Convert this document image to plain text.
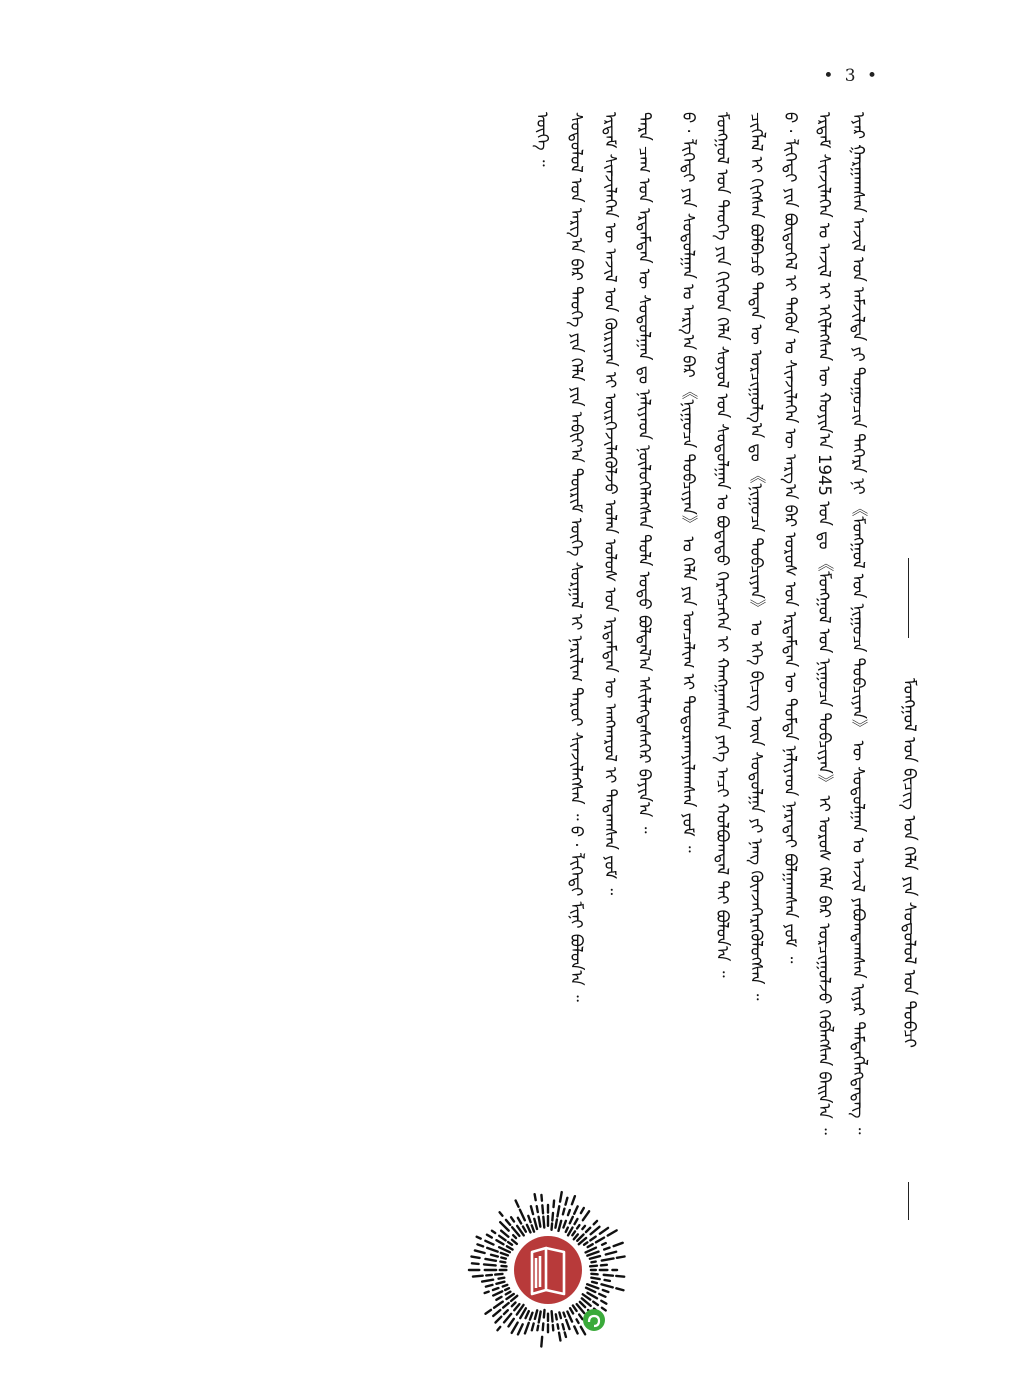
• 3 •
ᠮᠣᠩᠭᠣᠯ ᠤᠨ ᠪᠢᠴᠢᠭ ᠤᠨ ᠬᠡᠯᠡ ᠶᠢᠨ ᠰᠤᠳᠤᠯᠤᠯ ᠤᠨ ᠲᠣᠪᠴᠢ
ᠡᠶᠡᠷ ᠭᠠᠷᠭᠠᠭᠰᠠᠨ ᠠᠵᠢᠯ ᠤᠨ ᠠᠮᠵᠢᠯᠲᠠ ᠶᠢ ᠲᠣᠭᠣᠴᠢᠨ ᠳᠡᠭᠡᠷᠡ ᠨᠢ 《ᠮᠣᠩᠭᠣᠯ ᠤᠨ ᠨᠢᠭᠤᠴᠠ ᠲᠣᠪᠴᠢᠶᠠᠨ》 ᠦ ᠰᠤᠳᠤᠯᠭᠠᠨ ᠤ ᠠᠵᠢᠯ ᠶᠠᠪᠤᠭᠳᠠᠭᠰᠠᠨ ᠢᠶᠠᠷ ᠲᠡᠮᠳᠡᠭᠯᠡᠭᠳᠡᠳᠡᠭ ᠃
ᠡᠷᠳᠡᠮ ᠰᠢᠨᠵᠢᠯᠡᠭᠡᠨ ᠤ ᠠᠵᠢᠯ ᠢ ᠡᠬᠢᠯᠡᠭᠰᠡᠨ ᠦ ᠬᠣᠶᠢᠨ᠎ᠠ 1945 ᠣᠨ ᠳᠤ 《ᠮᠣᠩᠭᠣᠯ ᠤᠨ ᠨᠢᠭᠤᠴᠠ ᠲᠣᠪᠴᠢᠶᠠᠨ》 ᠢ ᠤᠷᠤᠰ ᠬᠡᠯᠡ ᠪᠡᠷ ᠣᠷᠴᠢᠭᠤᠯᠵᠤ ᠬᠡᠪᠯᠡᠭᠰᠡᠨ ᠪᠠᠢᠨ᠎ᠠ ᠃
ᠪ · ᠯᠢᠭᠡᠳᠢ ᠶᠢᠨ ᠪᠦᠲᠦᠭᠡᠯ ᠢ ᠲᠡᠭᠦᠨ ᠤ ᠰᠢᠨᠵᠢᠯᠡᠭᠡᠨ ᠦ ᠠᠷᠭ᠎ᠠ ᠪᠠᠷ ᠤᠷᠤᠰ ᠤᠨ ᠡᠷᠳᠡᠮᠲᠡᠨ ᠦ ᠳᠤᠮᠳᠠ ᠨᠡᠯᠢᠶᠡᠳ ᠨᠡᠷᠡᠲᠡᠢ ᠪᠣᠯᠭᠠᠭᠰᠠᠨ ᠶᠤᠮ ᠃
ᠴᠢᠭᠯᠡᠯ ᠢ ᠬᠢᠭᠰᠡᠨ ᠪᠣᠯᠪᠠᠴᠤ ᠲᠡᠳᠡᠨ ᠦ ᠣᠷᠴᠢᠭᠤᠯᠭ᠎ᠠ ᠳᠤ 《ᠨᠢᠭᠤᠴᠠ ᠲᠣᠪᠴᠢᠶᠠᠨ》 ᠤ ᠡᠬᠡ ᠪᠢᠴᠢᠭ ᠦᠨ ᠰᠤᠳᠤᠯᠭᠠ ᠶᠢ ᠨᠡᠩ ᠭᠦᠨᠵᠡᠭᠡᠷᠡᠭᠦᠯᠦᠭᠰᠡᠨ ᠃
ᠮᠣᠩᠭᠣᠯ ᠤᠨ ᠲᠡᠦᠬᠡ ᠶᠢᠨ ᠬᠢᠭᠡᠳ ᠬᠡᠯᠡ ᠰᠣᠶᠣᠯ ᠤᠨ ᠰᠤᠳᠤᠯᠭᠠᠨ ᠤ ᠪᠣᠳᠠᠲᠤ ᠬᠡᠷᠡᠭᠴᠡᠭᠡᠨ ᠢ ᠬᠠᠩᠭᠠᠭᠰᠠᠨ ᠶᠡᠬᠡ ᠠᠴᠢ ᠬᠣᠯᠪᠣᠭᠳᠠᠯ ᠲᠠᠢ ᠪᠣᠯᠤᠨ᠎ᠠ ᠃
ᠪ · ᠯᠢᠭᠡᠳᠢ ᠶᠢᠨ ᠰᠤᠳᠤᠯᠭᠠᠨ ᠤ ᠠᠷᠭ᠎ᠠ ᠪᠠᠷ 《ᠨᠢᠭᠤᠴᠠ ᠲᠣᠪᠴᠢᠶᠠᠨ》 ᠤ ᠬᠡᠯᠡ ᠶᠢᠨ ᠣᠨᠴᠠᠯᠢᠭ ᠢ ᠲᠣᠳᠣᠷᠬᠠᠶᠢᠯᠠᠭᠰᠠᠨ ᠶᠤᠮ ᠃
ᠲᠡᠷᠡ ᠴᠠᠭ ᠤᠨ ᠡᠷᠳᠡᠮᠲᠡᠨ ᠦ ᠰᠤᠳᠤᠯᠭᠠᠨ ᠳᠤ ᠨᠡᠯᠢᠶᠡᠳ ᠨᠦᠯᠦᠭᠡᠯᠡᠭᠰᠡᠨ ᠲᠤᠯᠠ ᠣᠳᠣ ᠪᠣᠯᠲᠠᠯ᠎ᠠ ᠡᠰᠢᠯᠡᠭᠳᠡᠰᠡᠭᠡᠷ ᠪᠠᠶᠢᠨ᠎ᠠ ᠃
ᠡᠷᠳᠡᠮ ᠰᠢᠨᠵᠢᠯᠡᠭᠡᠨ ᠦ ᠠᠵᠢᠯ ᠤᠨ ᠬᠦᠷᠢᠶᠡᠨ ᠢ ᠦᠷᠭᠡᠵᠢᠯᠡᠭᠦᠯᠵᠦ ᠣᠯᠠᠨ ᠤᠯᠤᠰ ᠤᠨ ᠡᠷᠳᠡᠮᠲᠡᠨ ᠦ ᠠᠩᠬᠠᠷᠤᠯ ᠢ ᠲᠠᠲᠠᠭᠰᠠᠨ ᠶᠤᠮ ᠃
ᠰᠤᠳᠤᠯᠤᠯ ᠤᠨ ᠠᠷᠭ᠎ᠠ ᠪᠠᠷ ᠲᠡᠦᠬᠡ ᠶᠢᠨ ᠬᠡᠯᠡ ᠶᠢᠨ ᠠᠪᠢᠶ᠎ᠠ ᠳᠦᠷᠢᠮ ᠦᠭᠡ ᠰᠤᠷᠭᠠᠯ ᠢ ᠨᠠᠷᠢᠯᠢᠭ ᠳᠠᠷᠤᠢ ᠰᠢᠨᠵᠢᠯᠡᠭᠰᠡᠨ ᠃ ᠪ · ᠯᠢᠭᠡᠳᠢ ᠮᠢᠨᠢ ᠪᠣᠯᠤᠨ᠎ᠠ ᠃
ᠦᠭᠡ ᠃
